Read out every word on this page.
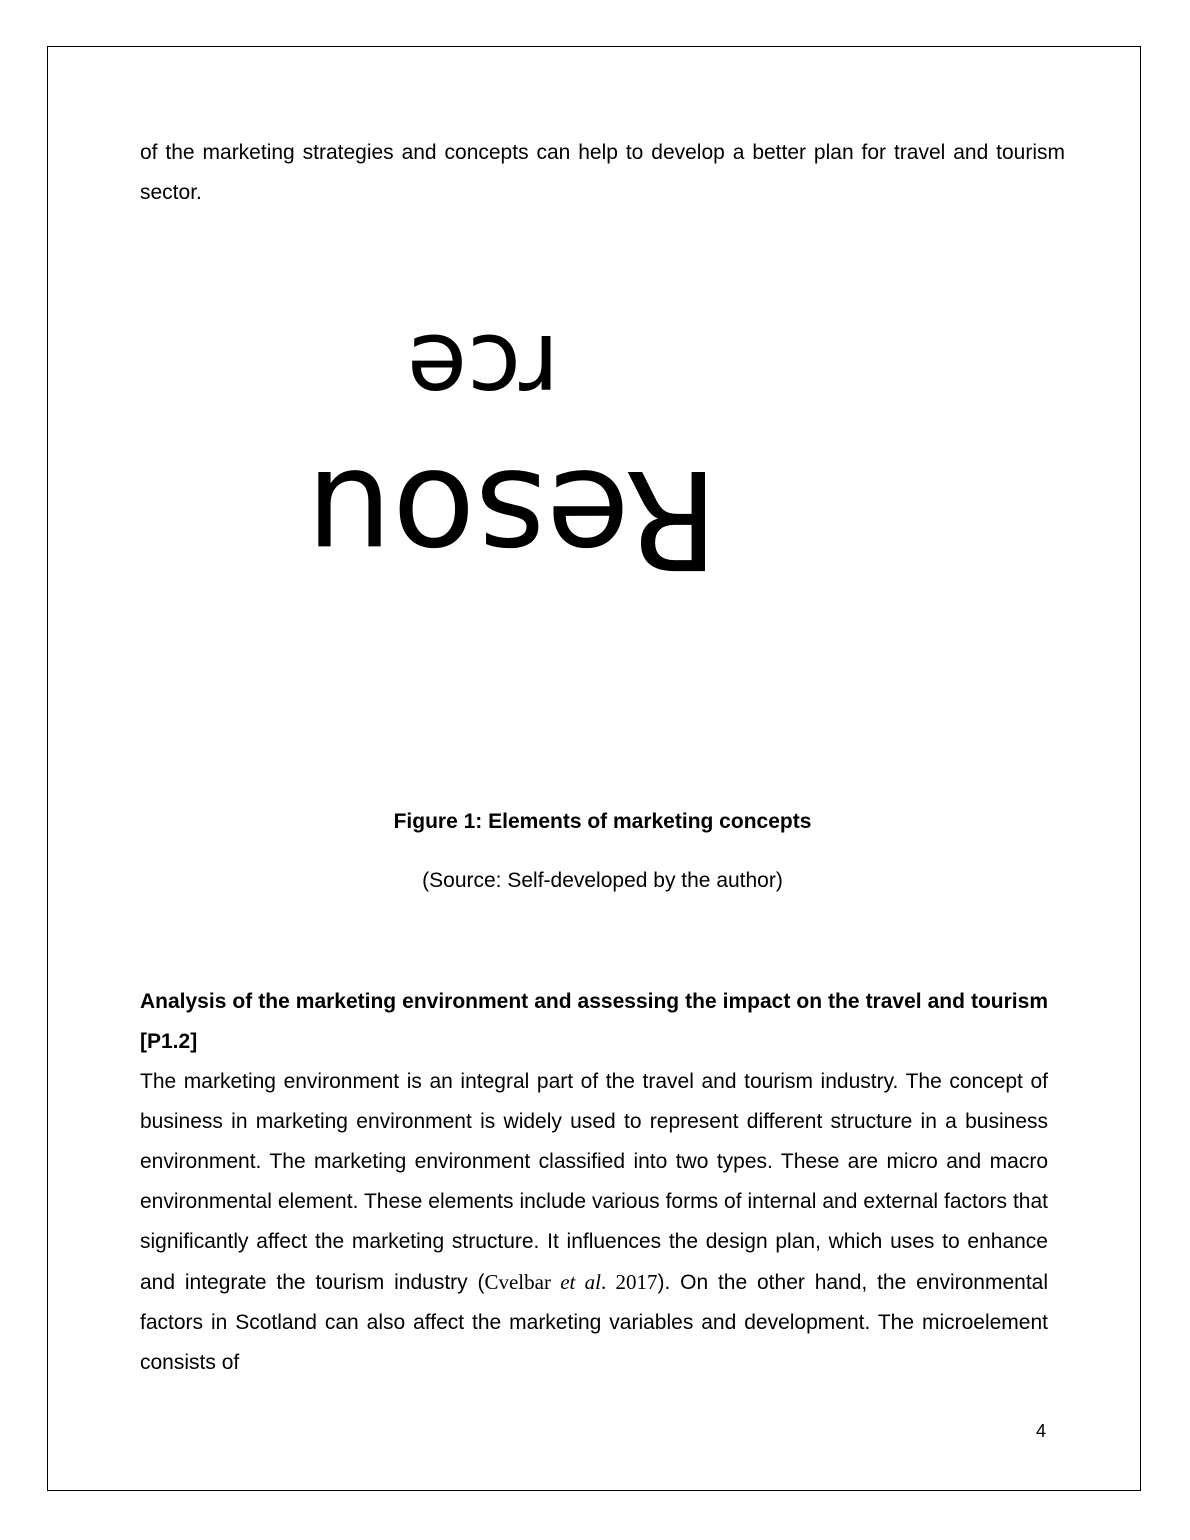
of the marketing strategies and concepts can help to develop a better plan for travel and tourism sector.

rce
Resou

Figure 1: Elements of marketing concepts

(Source: Self-developed by the author)

Analysis of the marketing environment and assessing the impact on the travel and tourism [P1.2]

The marketing environment is an integral part of the travel and tourism industry. The concept of business in marketing environment is widely used to represent different structure in a business environment. The marketing environment classified into two types. These are micro and macro environmental element. These elements include various forms of internal and external factors that significantly affect the marketing structure. It influences the design plan, which uses to enhance and integrate the tourism industry (Cvelbar et al. 2017). On the other hand, the environmental factors in Scotland can also affect the marketing variables and development. The microelement consists of

4
